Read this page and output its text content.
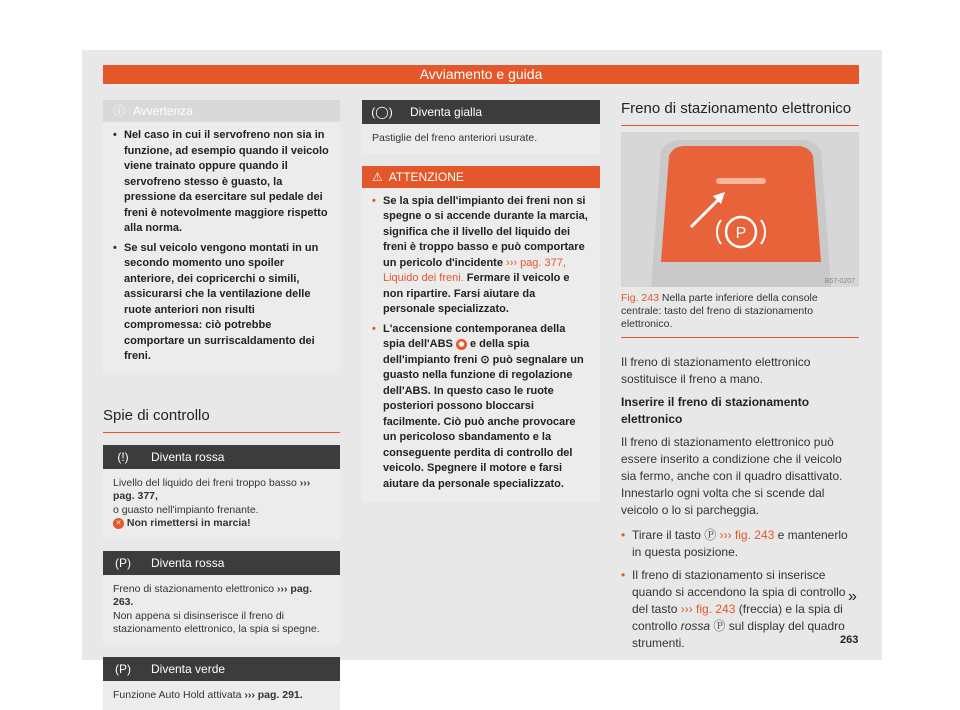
Avviamento e guida
ⓘ Avvertenza
• Nel caso in cui il servofreno non sia in funzione, ad esempio quando il veicolo viene trainato oppure quando il servofreno stesso è guasto, la pressione da esercitare sul pedale dei freni è notevolmente maggiore rispetto alla norma.
• Se sul veicolo vengono montati in un secondo momento uno spoiler anteriore, dei copricerchi o simili, assicurarsi che la ventilazione delle ruote anteriori non risulti compromessa: ciò potrebbe comportare un surriscaldamento dei freni.
Spie di controllo
(!)	Diventa rossa
Livello del liquido dei freni troppo basso ››› pag. 377,
o guasto nell'impianto frenante.
✕ Non rimettersi in marcia!
(P)	Diventa rossa
Freno di stazionamento elettronico ››› pag. 263.
Non appena si disinserisce il freno di stazionamento elettronico, la spia si spegne.
(P)	Diventa verde
Funzione Auto Hold attivata ››› pag. 291.
(◯)	Diventa gialla
Pastiglie del freno anteriori usurate.
⚠ ATTENZIONE
• Se la spia dell'impianto dei freni non si spegne o si accende durante la marcia, significa che il livello del liquido dei freni è troppo basso e può comportare un pericolo d'incidente ››› pag. 377, Liquido dei freni. Fermare il veicolo e non ripartire. Farsi aiutare da personale specializzato.
• L'accensione contemporanea della spia dell'ABS ◉ e della spia dell'impianto freni ⊙ può segnalare un guasto nella funzione di regolazione dell'ABS. In questo caso le ruote posteriori possono bloccarsi facilmente. Ciò può anche provocare un pericoloso sbandamento e la conseguente perdita di controllo del veicolo. Spegnere il motore e farsi aiutare da personale specializzato.
Freno di stazionamento elettronico
P
B57-0207
Fig. 243 Nella parte inferiore della console centrale: tasto del freno di stazionamento elettronico.
Il freno di stazionamento elettronico sostituisce il freno a mano.
Inserire il freno di stazionamento elettronico
Il freno di stazionamento elettronico può essere inserito a condizione che il veicolo sia fermo, anche con il quadro disattivato. Innestarlo ogni volta che si scende dal veicolo o lo si parcheggia.
• Tirare il tasto Ⓟ ››› fig. 243 e mantenerlo in questa posizione.
• Il freno di stazionamento si inserisce quando si accendono la spia di controllo del tasto ››› fig. 243 (freccia) e la spia di controllo rossa Ⓟ sul display del quadro strumenti.
»
263
